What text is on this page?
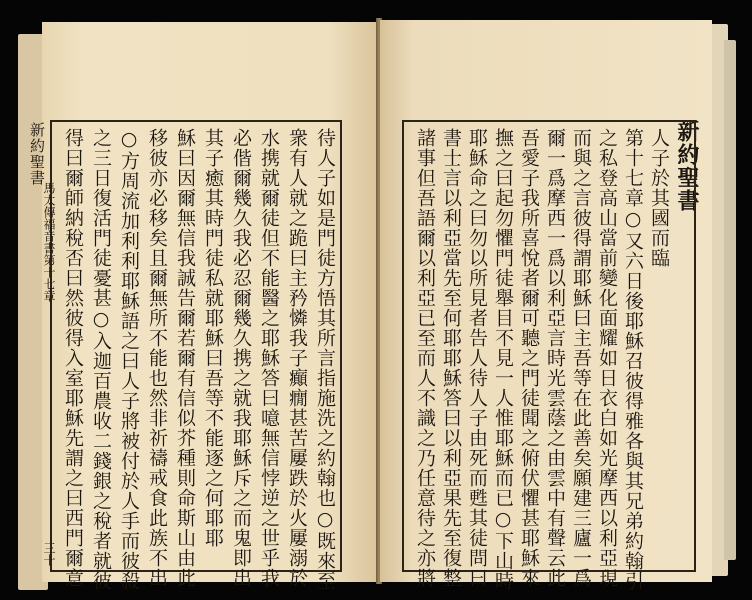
新約聖書
馬太傳福音書第十七章
三十	待人子如是門徒方悟其所言指施洗之約翰也○既來至
衆有人就之跪曰主矜憐我子癲癇甚苦屢跌於火屢溺於
水携就爾徒但不能醫之耶穌答曰噫無信悖逆之世乎我
必偕爾幾久我必忍爾幾久携之就我耶穌斥之而鬼即出
其子癒其時門徒私就耶穌曰吾等不能逐之何耶耶
穌曰因爾無信我誠告爾若爾有信似芥種則命斯山由此
移彼亦必移矣且爾無所不能也然非祈禱戒食此族不出
○方周流加利利耶穌語之曰人子將被付於人手而彼殺
之三日復活門徒憂甚○入迦百農收二錢銀之稅者就彼
得曰爾師納稅否曰然彼得入室耶穌先謂之曰西門爾意	新約聖書
人子於其國而臨
第十七章○又六日後耶穌召彼得雅各與其兄弟約翰引
之私登高山當前變化面耀如日衣白如光摩西以利亞現
而與之言彼得謂耶穌曰主吾等在此善矣願建三廬一爲
爾一爲摩西一爲以利亞言時光雲蔭之由雲中有聲云此
吾愛子我所喜悅者爾可聽之門徒聞之俯伏懼甚耶穌來
撫之曰起勿懼門徒舉目不見一人惟耶穌而已○下山時
耶穌命之曰勿以所見者告人待人子由死而甦其徒問曰
書士言以利亞當先至何耶耶穌答曰以利亞果先至復整
諸事但吾語爾以利亞已至而人不識之乃任意待之亦將
